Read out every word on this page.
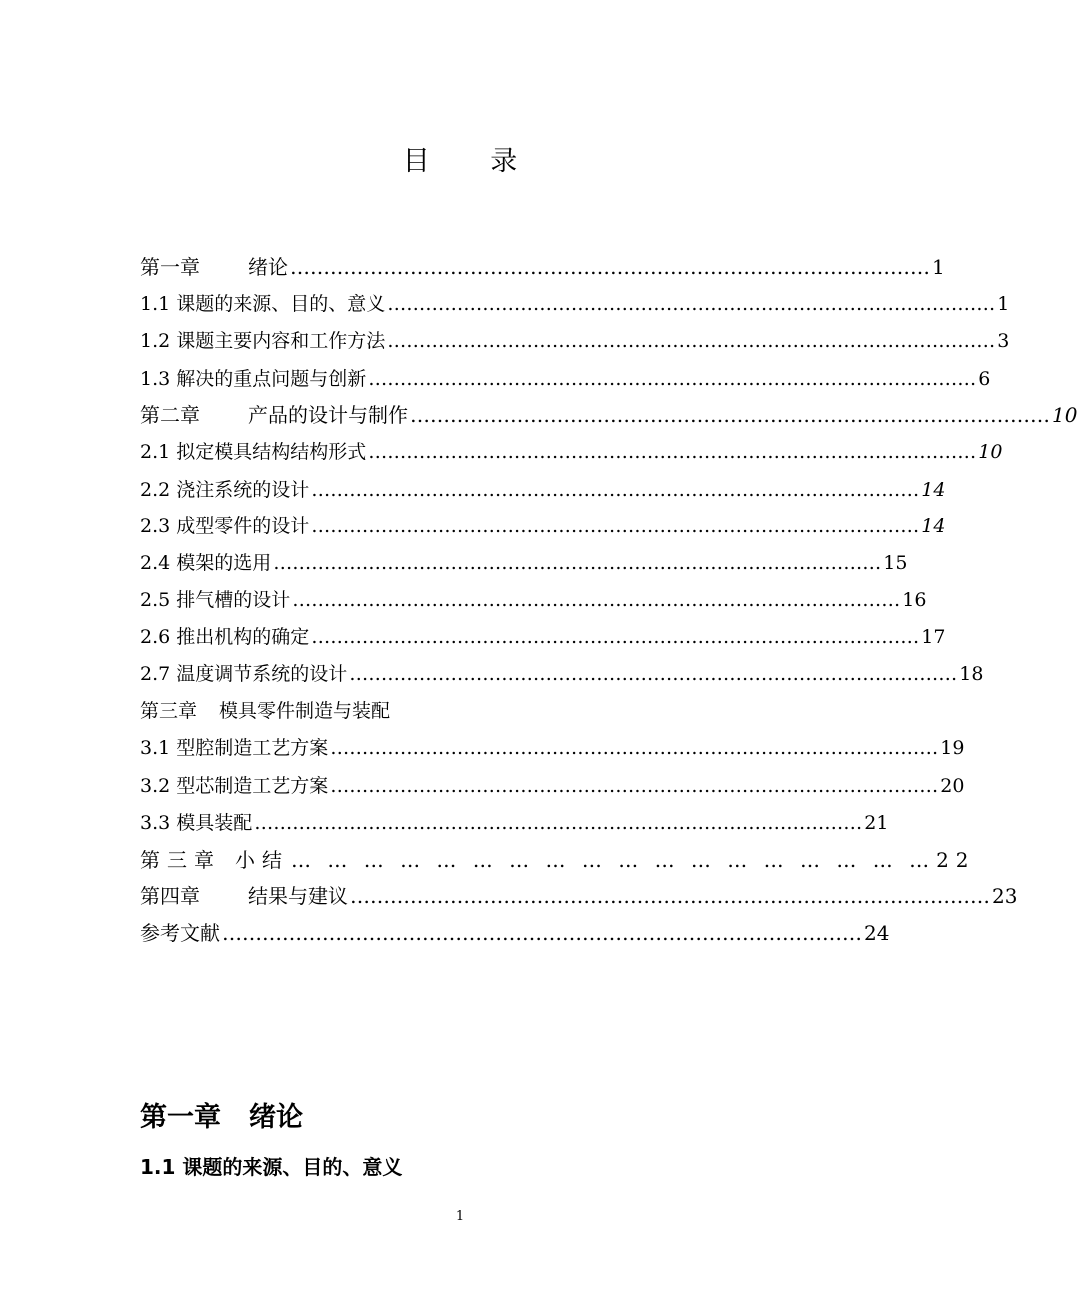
目 录
第一章 绪论 …………………………………………………………………………………… 1
1.1 课题的来源、目的、意义 …………………………………………………………………………………… 1
1.2 课题主要内容和工作方法 …………………………………………………………………………………… 3
1.3 解决的重点问题与创新 …………………………………………………………………………………… 6
第二章 产品的设计与制作 …………………………………………………………………………………… 10
2.1 拟定模具结构结构形式 …………………………………………………………………………………… 10
2.2 浇注系统的设计 …………………………………………………………………………………… 14
2.3 成型零件的设计 …………………………………………………………………………………… 14
2.4 模架的选用 …………………………………………………………………………………… 15
2.5 排气槽的设计 …………………………………………………………………………………… 16
2.6 推出机构的确定 …………………………………………………………………………………… 17
2.7 温度调节系统的设计 …………………………………………………………………………………… 18
第三章 模具零件制造与装配
3.1 型腔制造工艺方案 …………………………………………………………………………………… 19
3.2 型芯制造工艺方案 …………………………………………………………………………………… 20
3.3 模具装配 …………………………………………………………………………………… 21
第三章 小结 … … … … … … … … … … … … … … … … … … 22
第四章 结果与建议 …………………………………………………………………………………… 23
参考文献 …………………………………………………………………………………… 24
第一章 绪论
1.1 课题的来源、目的、意义
1
